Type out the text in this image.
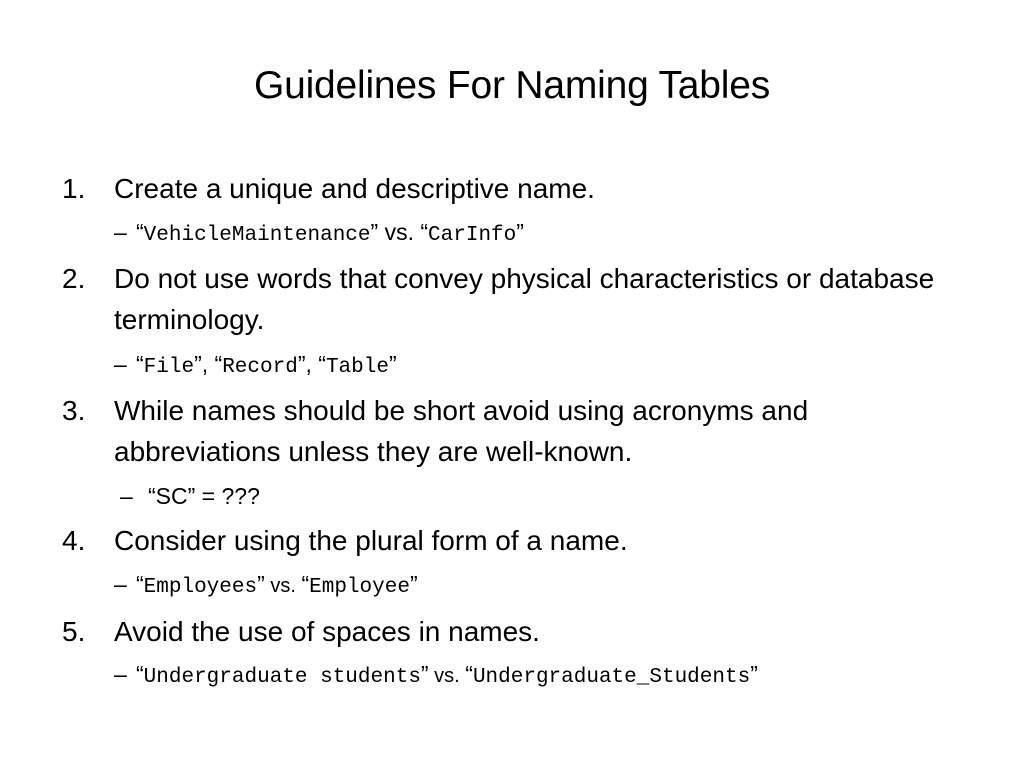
Guidelines For Naming Tables
1.	Create a unique and descriptive name.
– “VehicleMaintenance” vs. “CarInfo”
2.	Do not use words that convey physical characteristics or database terminology.
– “File”, “Record”, “Table”
3.	While names should be short avoid using acronyms and abbreviations unless they are well-known.
– “SC” = ???
4.	Consider using the plural form of a name.
– “Employees” vs. “Employee”
5.	Avoid the use of spaces in names.
– “Undergraduate students” vs. “Undergraduate_Students”
